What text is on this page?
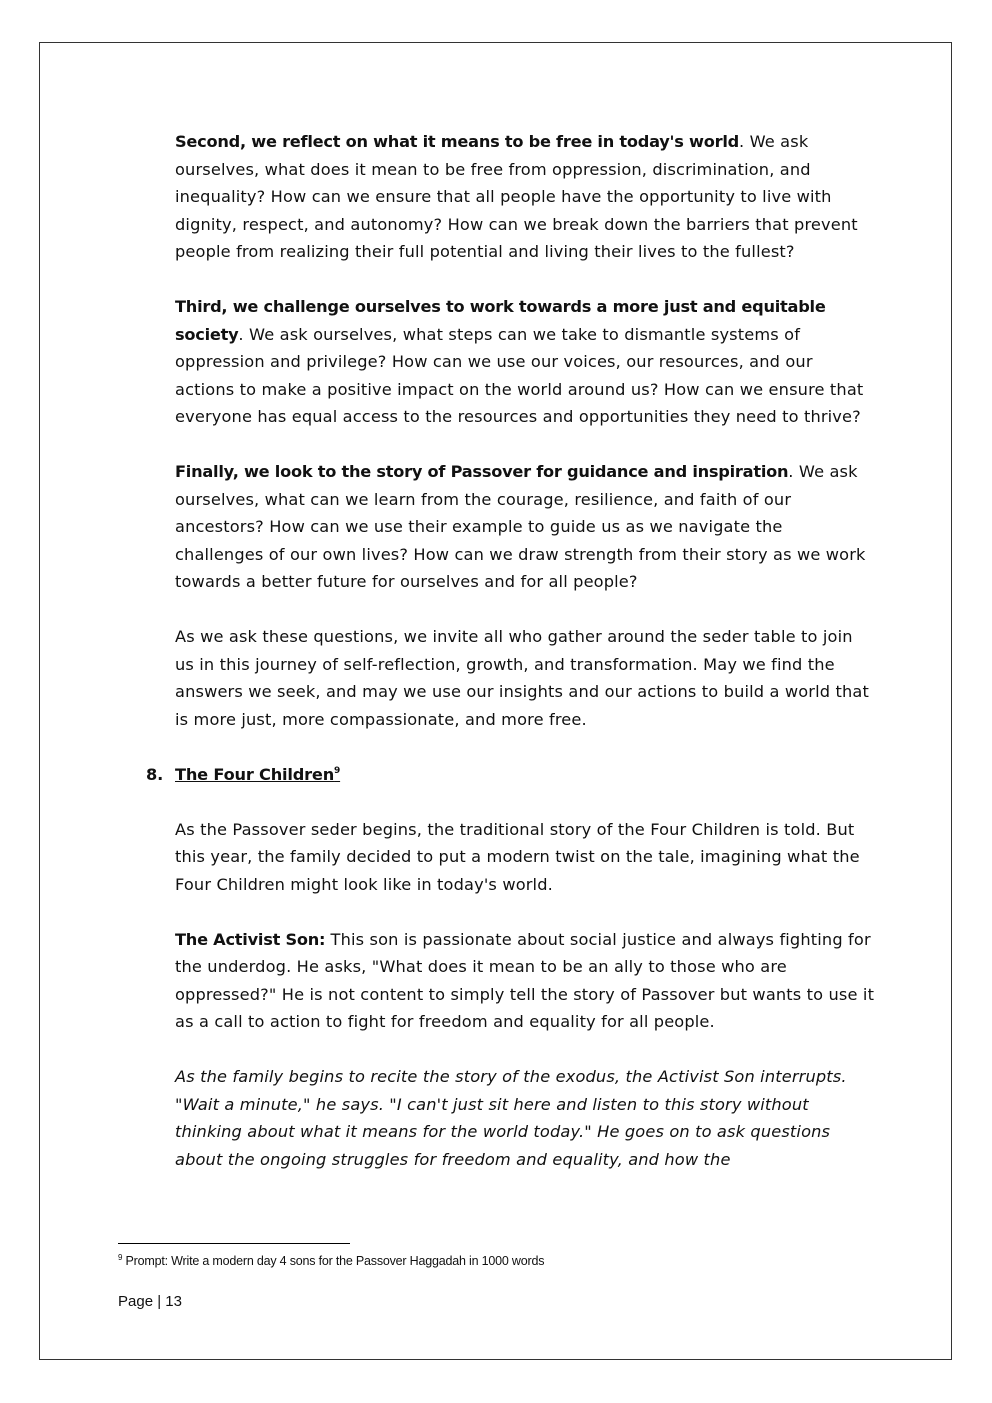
Second, we reflect on what it means to be free in today's world. We ask ourselves, what does it mean to be free from oppression, discrimination, and inequality? How can we ensure that all people have the opportunity to live with dignity, respect, and autonomy? How can we break down the barriers that prevent people from realizing their full potential and living their lives to the fullest?

Third, we challenge ourselves to work towards a more just and equitable society. We ask ourselves, what steps can we take to dismantle systems of oppression and privilege? How can we use our voices, our resources, and our actions to make a positive impact on the world around us? How can we ensure that everyone has equal access to the resources and opportunities they need to thrive?

Finally, we look to the story of Passover for guidance and inspiration. We ask ourselves, what can we learn from the courage, resilience, and faith of our ancestors? How can we use their example to guide us as we navigate the challenges of our own lives? How can we draw strength from their story as we work towards a better future for ourselves and for all people?

As we ask these questions, we invite all who gather around the seder table to join us in this journey of self-reflection, growth, and transformation. May we find the answers we seek, and may we use our insights and our actions to build a world that is more just, more compassionate, and more free.

8. The Four Children$^9$

As the Passover seder begins, the traditional story of the Four Children is told. But this year, the family decided to put a modern twist on the tale, imagining what the Four Children might look like in today's world.

The Activist Son: This son is passionate about social justice and always fighting for the underdog. He asks, "What does it mean to be an ally to those who are oppressed?" He is not content to simply tell the story of Passover but wants to use it as a call to action to fight for freedom and equality for all people.

As the family begins to recite the story of the exodus, the Activist Son interrupts. "Wait a minute," he says. "I can't just sit here and listen to this story without thinking about what it means for the world today." He goes on to ask questions about the ongoing struggles for freedom and equality, and how the

$^9$ Prompt: Write a modern day 4 sons for the Passover Haggadah in 1000 words
Page | 13
